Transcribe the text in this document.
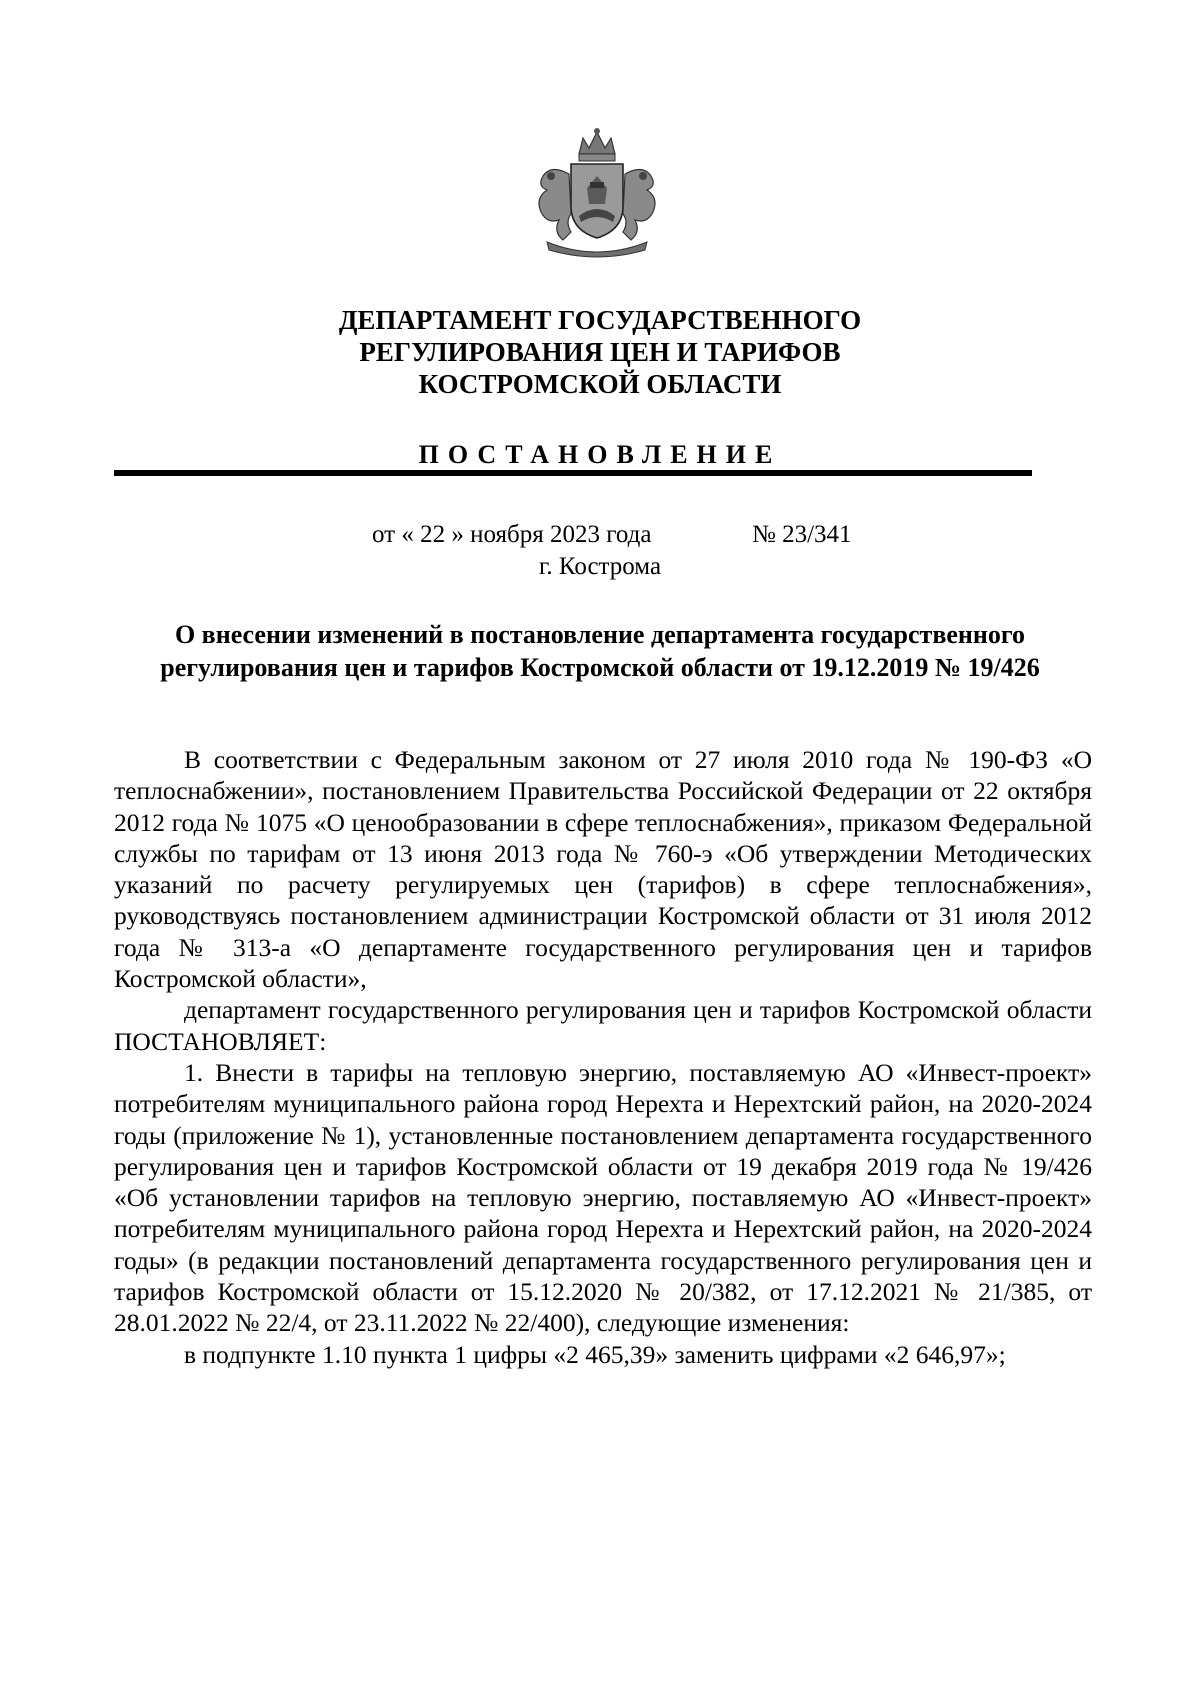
ДЕПАРТАМЕНТ ГОСУДАРСТВЕННОГО
РЕГУЛИРОВАНИЯ ЦЕН И ТАРИФОВ
КОСТРОМСКОЙ ОБЛАСТИ
ПОСТАНОВЛЕНИЕ
от « 22 » ноября 2023 года	№ 23/341
г. Кострома
О внесении изменений в постановление департамента государственного регулирования цен и тарифов Костромской области от 19.12.2019 № 19/426

В соответствии с Федеральным законом от 27 июля 2010 года № 190-ФЗ «О теплоснабжении», постановлением Правительства Российской Федерации от 22 октября 2012 года № 1075 «О ценообразовании в сфере теплоснабжения», приказом Федеральной службы по тарифам от 13 июня 2013 года № 760-э «Об утверждении Методических указаний по расчету регулируемых цен (тарифов) в сфере теплоснабжения», руководствуясь постановлением администрации Костромской области от 31 июля 2012 года № 313-а «О департаменте государственного регулирования цен и тарифов Костромской области»,

департамент государственного регулирования цен и тарифов Костромской области ПОСТАНОВЛЯЕТ:

1. Внести в тарифы на тепловую энергию, поставляемую АО «Инвест-проект» потребителям муниципального района город Нерехта и Нерехтский район, на 2020-2024 годы (приложение № 1), установленные постановлением департамента государственного регулирования цен и тарифов Костромской области от 19 декабря 2019 года № 19/426 «Об установлении тарифов на тепловую энергию, поставляемую АО «Инвест-проект» потребителям муниципального района город Нерехта и Нерехтский район, на 2020-2024 годы» (в редакции постановлений департамента государственного регулирования цен и тарифов Костромской области от 15.12.2020 № 20/382, от 17.12.2021 № 21/385, от 28.01.2022 № 22/4, от 23.11.2022 № 22/400), следующие изменения:

в подпункте 1.10 пункта 1 цифры «2 465,39» заменить цифрами «2 646,97»;
